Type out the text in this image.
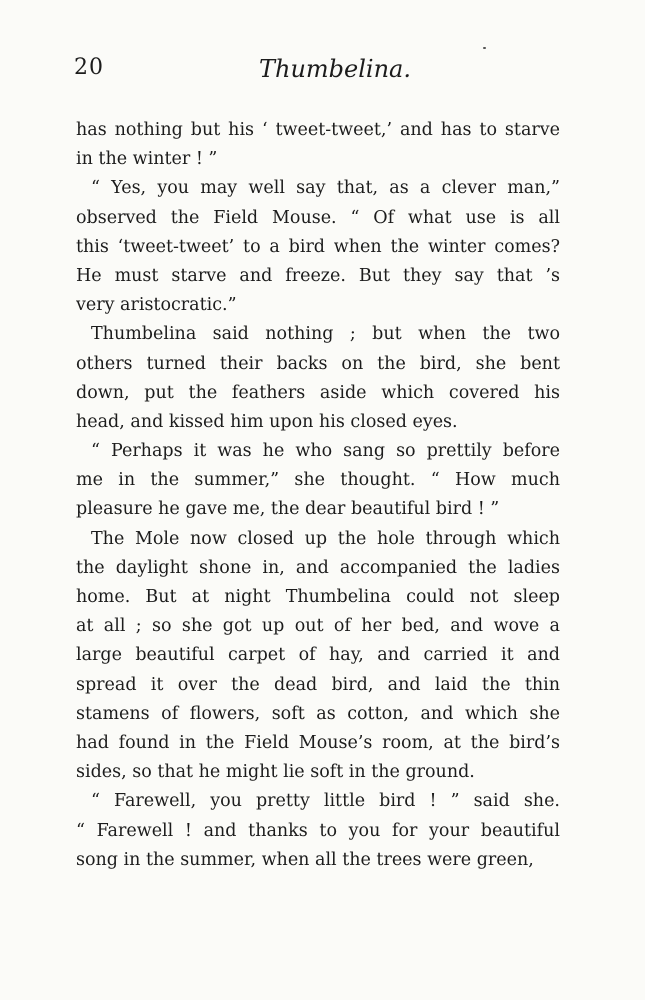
20	Thumbelina.
has nothing but his ‘ tweet-tweet,’ and has to starve
in the winter ! ”
“ Yes, you may well say that, as a clever man,”
observed the Field Mouse. “ Of what use is all
this ‘tweet-tweet’ to a bird when the winter comes?
He must starve and freeze. But they say that ’s
very aristocratic.”
Thumbelina said nothing ; but when the two
others turned their backs on the bird, she bent
down, put the feathers aside which covered his
head, and kissed him upon his closed eyes.
“ Perhaps it was he who sang so prettily before
me in the summer,” she thought. “ How much
pleasure he gave me, the dear beautiful bird ! ”
The Mole now closed up the hole through which
the daylight shone in, and accompanied the ladies
home. But at night Thumbelina could not sleep
at all ; so she got up out of her bed, and wove a
large beautiful carpet of hay, and carried it and
spread it over the dead bird, and laid the thin
stamens of flowers, soft as cotton, and which she
had found in the Field Mouse’s room, at the bird’s
sides, so that he might lie soft in the ground.
“ Farewell, you pretty little bird ! ” said she.
“ Farewell ! and thanks to you for your beautiful
song in the summer, when all the trees were green,
